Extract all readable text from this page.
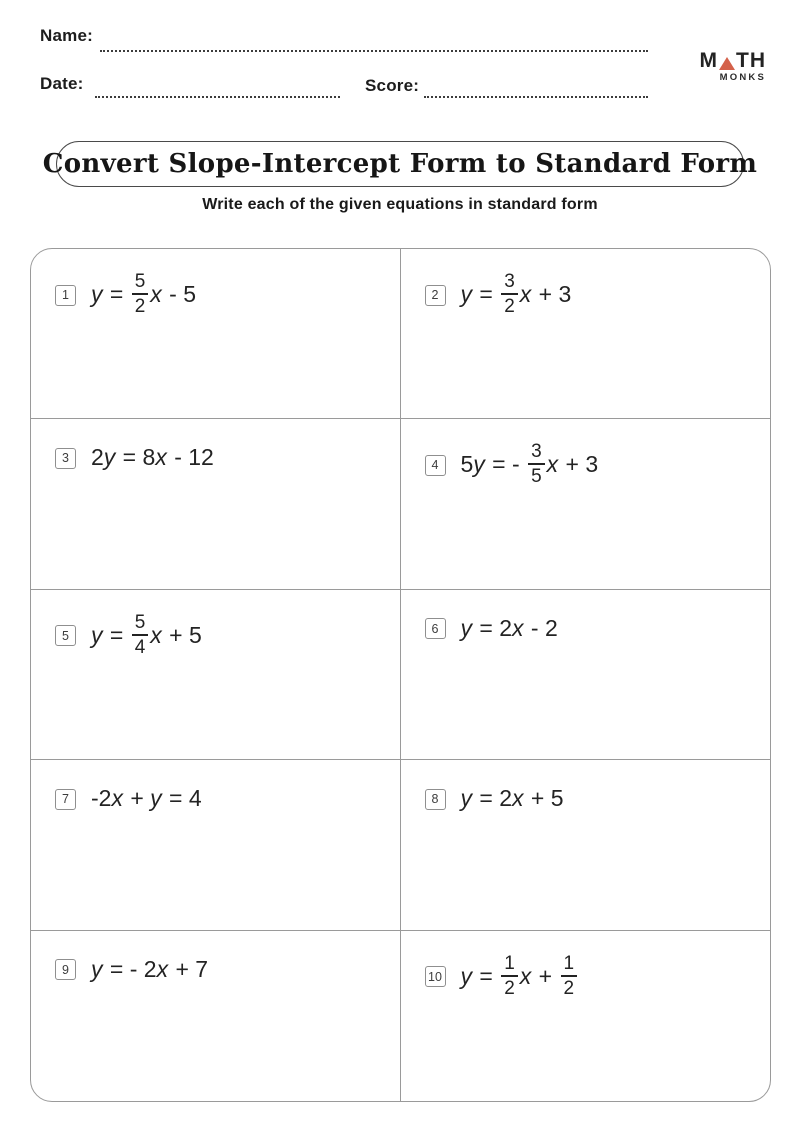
Name:
Date:	Score:
M TH
MONKS
Convert Slope-Intercept Form to Standard Form
Write each of the given equations in standard form
1 $y = \frac{5}{2}$ x - 5	2 $y = \frac{3}{2}$ x + 3
3 2y = 8x - 12	4 5y = - $\frac{3}{5}$ x + 3
5 $y = \frac{5}{4}$ x + 5	6 y = 2x - 2
7 -2x + y = 4	8 y = 2x + 5
9 y = - 2x + 7	10 $y = \frac{1}{2}$ $x + \frac{1}{2}$
